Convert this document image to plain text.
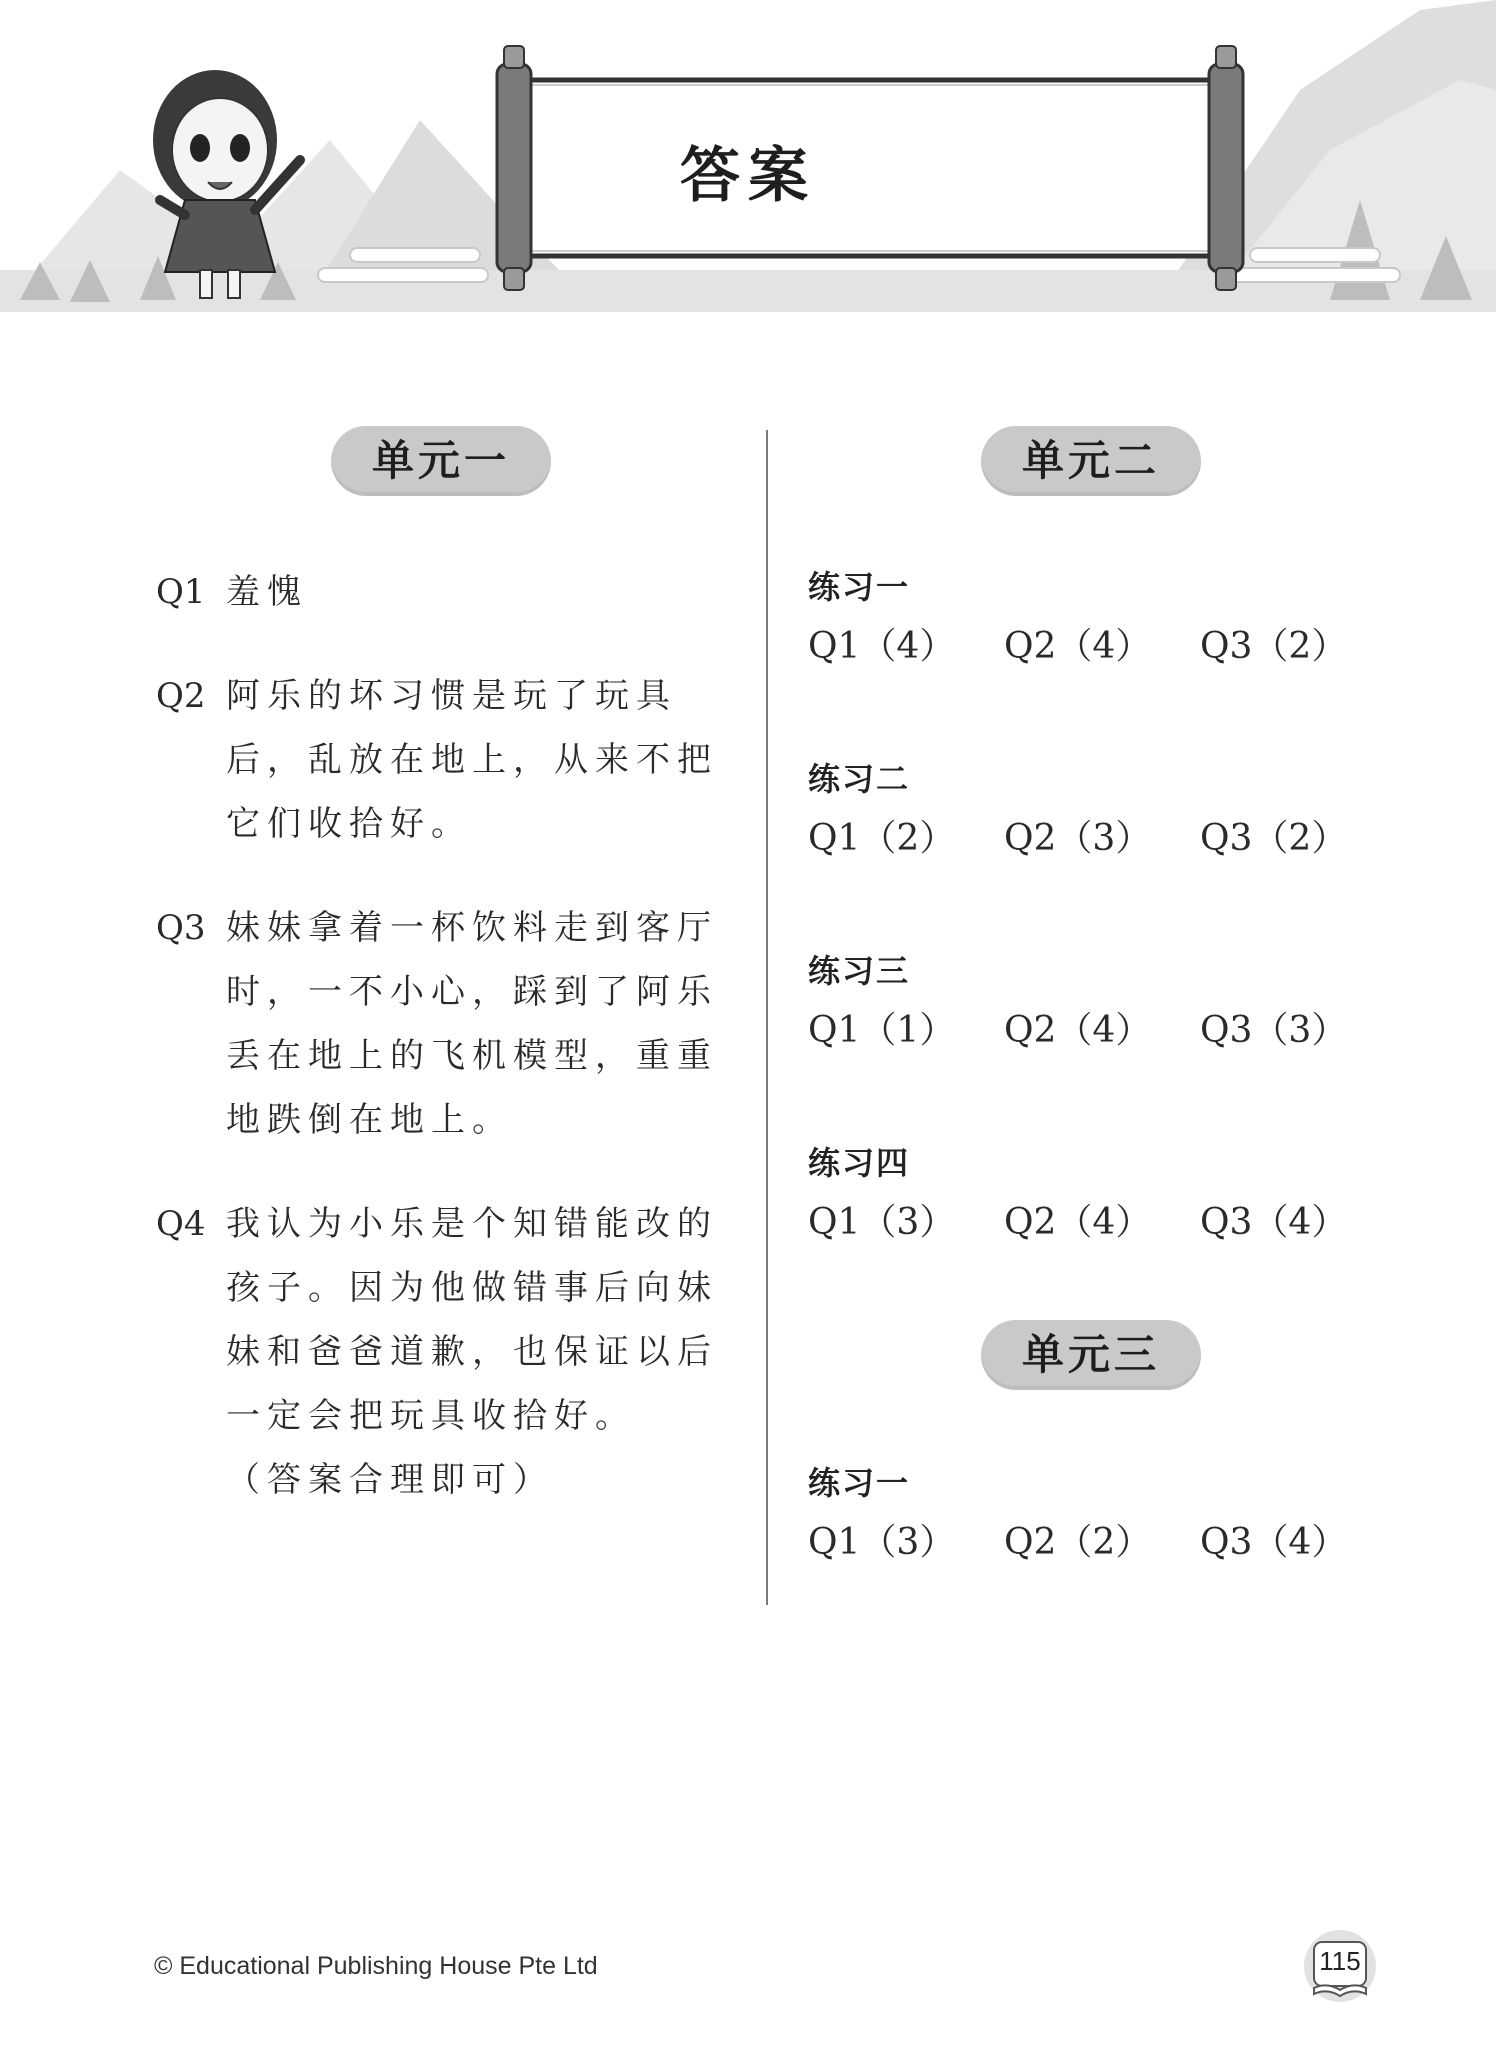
答案
单元一
Q1 羞愧
Q2 阿乐的坏习惯是玩了玩具后，乱放在地上，从来不把它们收拾好。
Q3 妹妹拿着一杯饮料走到客厅时，一不小心，踩到了阿乐丢在地上的飞机模型，重重地跌倒在地上。
Q4 我认为小乐是个知错能改的孩子。因为他做错事后向妹妹和爸爸道歉，也保证以后一定会把玩具收拾好。
（答案合理即可）
单元二
练习一
Q1（4） Q2（4） Q3（2）
练习二
Q1（2） Q2（3） Q3（2）
练习三
Q1（1） Q2（4） Q3（3）
练习四
Q1（3） Q2（4） Q3（4）
单元三
练习一
Q1（3） Q2（2） Q3（4）
© Educational Publishing House Pte Ltd	115
